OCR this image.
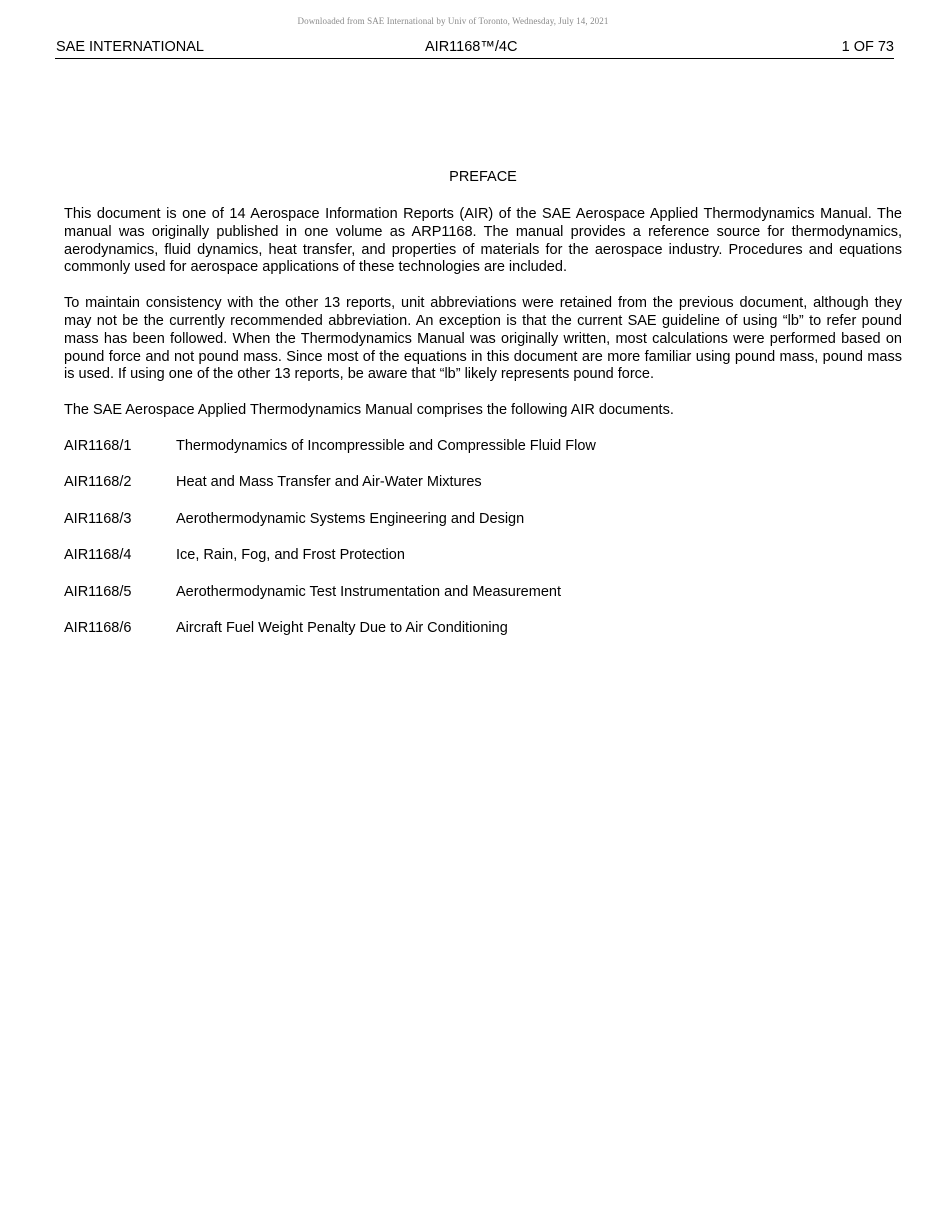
Downloaded from SAE International by Univ of Toronto, Wednesday, July 14, 2021
SAE INTERNATIONAL	AIR1168™/4C	1 OF 73
PREFACE

This document is one of 14 Aerospace Information Reports (AIR) of the SAE Aerospace Applied Thermodynamics Manual. The manual was originally published in one volume as ARP1168. The manual provides a reference source for thermodynamics, aerodynamics, fluid dynamics, heat transfer, and properties of materials for the aerospace industry. Procedures and equations commonly used for aerospace applications of these technologies are included.

To maintain consistency with the other 13 reports, unit abbreviations were retained from the previous document, although they may not be the currently recommended abbreviation. An exception is that the current SAE guideline of using “lb” to refer pound mass has been followed. When the Thermodynamics Manual was originally written, most calculations were performed based on pound force and not pound mass. Since most of the equations in this document are more familiar using pound mass, pound mass is used. If using one of the other 13 reports, be aware that “lb” likely represents pound force.

The SAE Aerospace Applied Thermodynamics Manual comprises the following AIR documents.

AIR1168/1	Thermodynamics of Incompressible and Compressible Fluid Flow
AIR1168/2	Heat and Mass Transfer and Air-Water Mixtures
AIR1168/3	Aerothermodynamic Systems Engineering and Design
AIR1168/4	Ice, Rain, Fog, and Frost Protection
AIR1168/5	Aerothermodynamic Test Instrumentation and Measurement
AIR1168/6	Aircraft Fuel Weight Penalty Due to Air Conditioning
